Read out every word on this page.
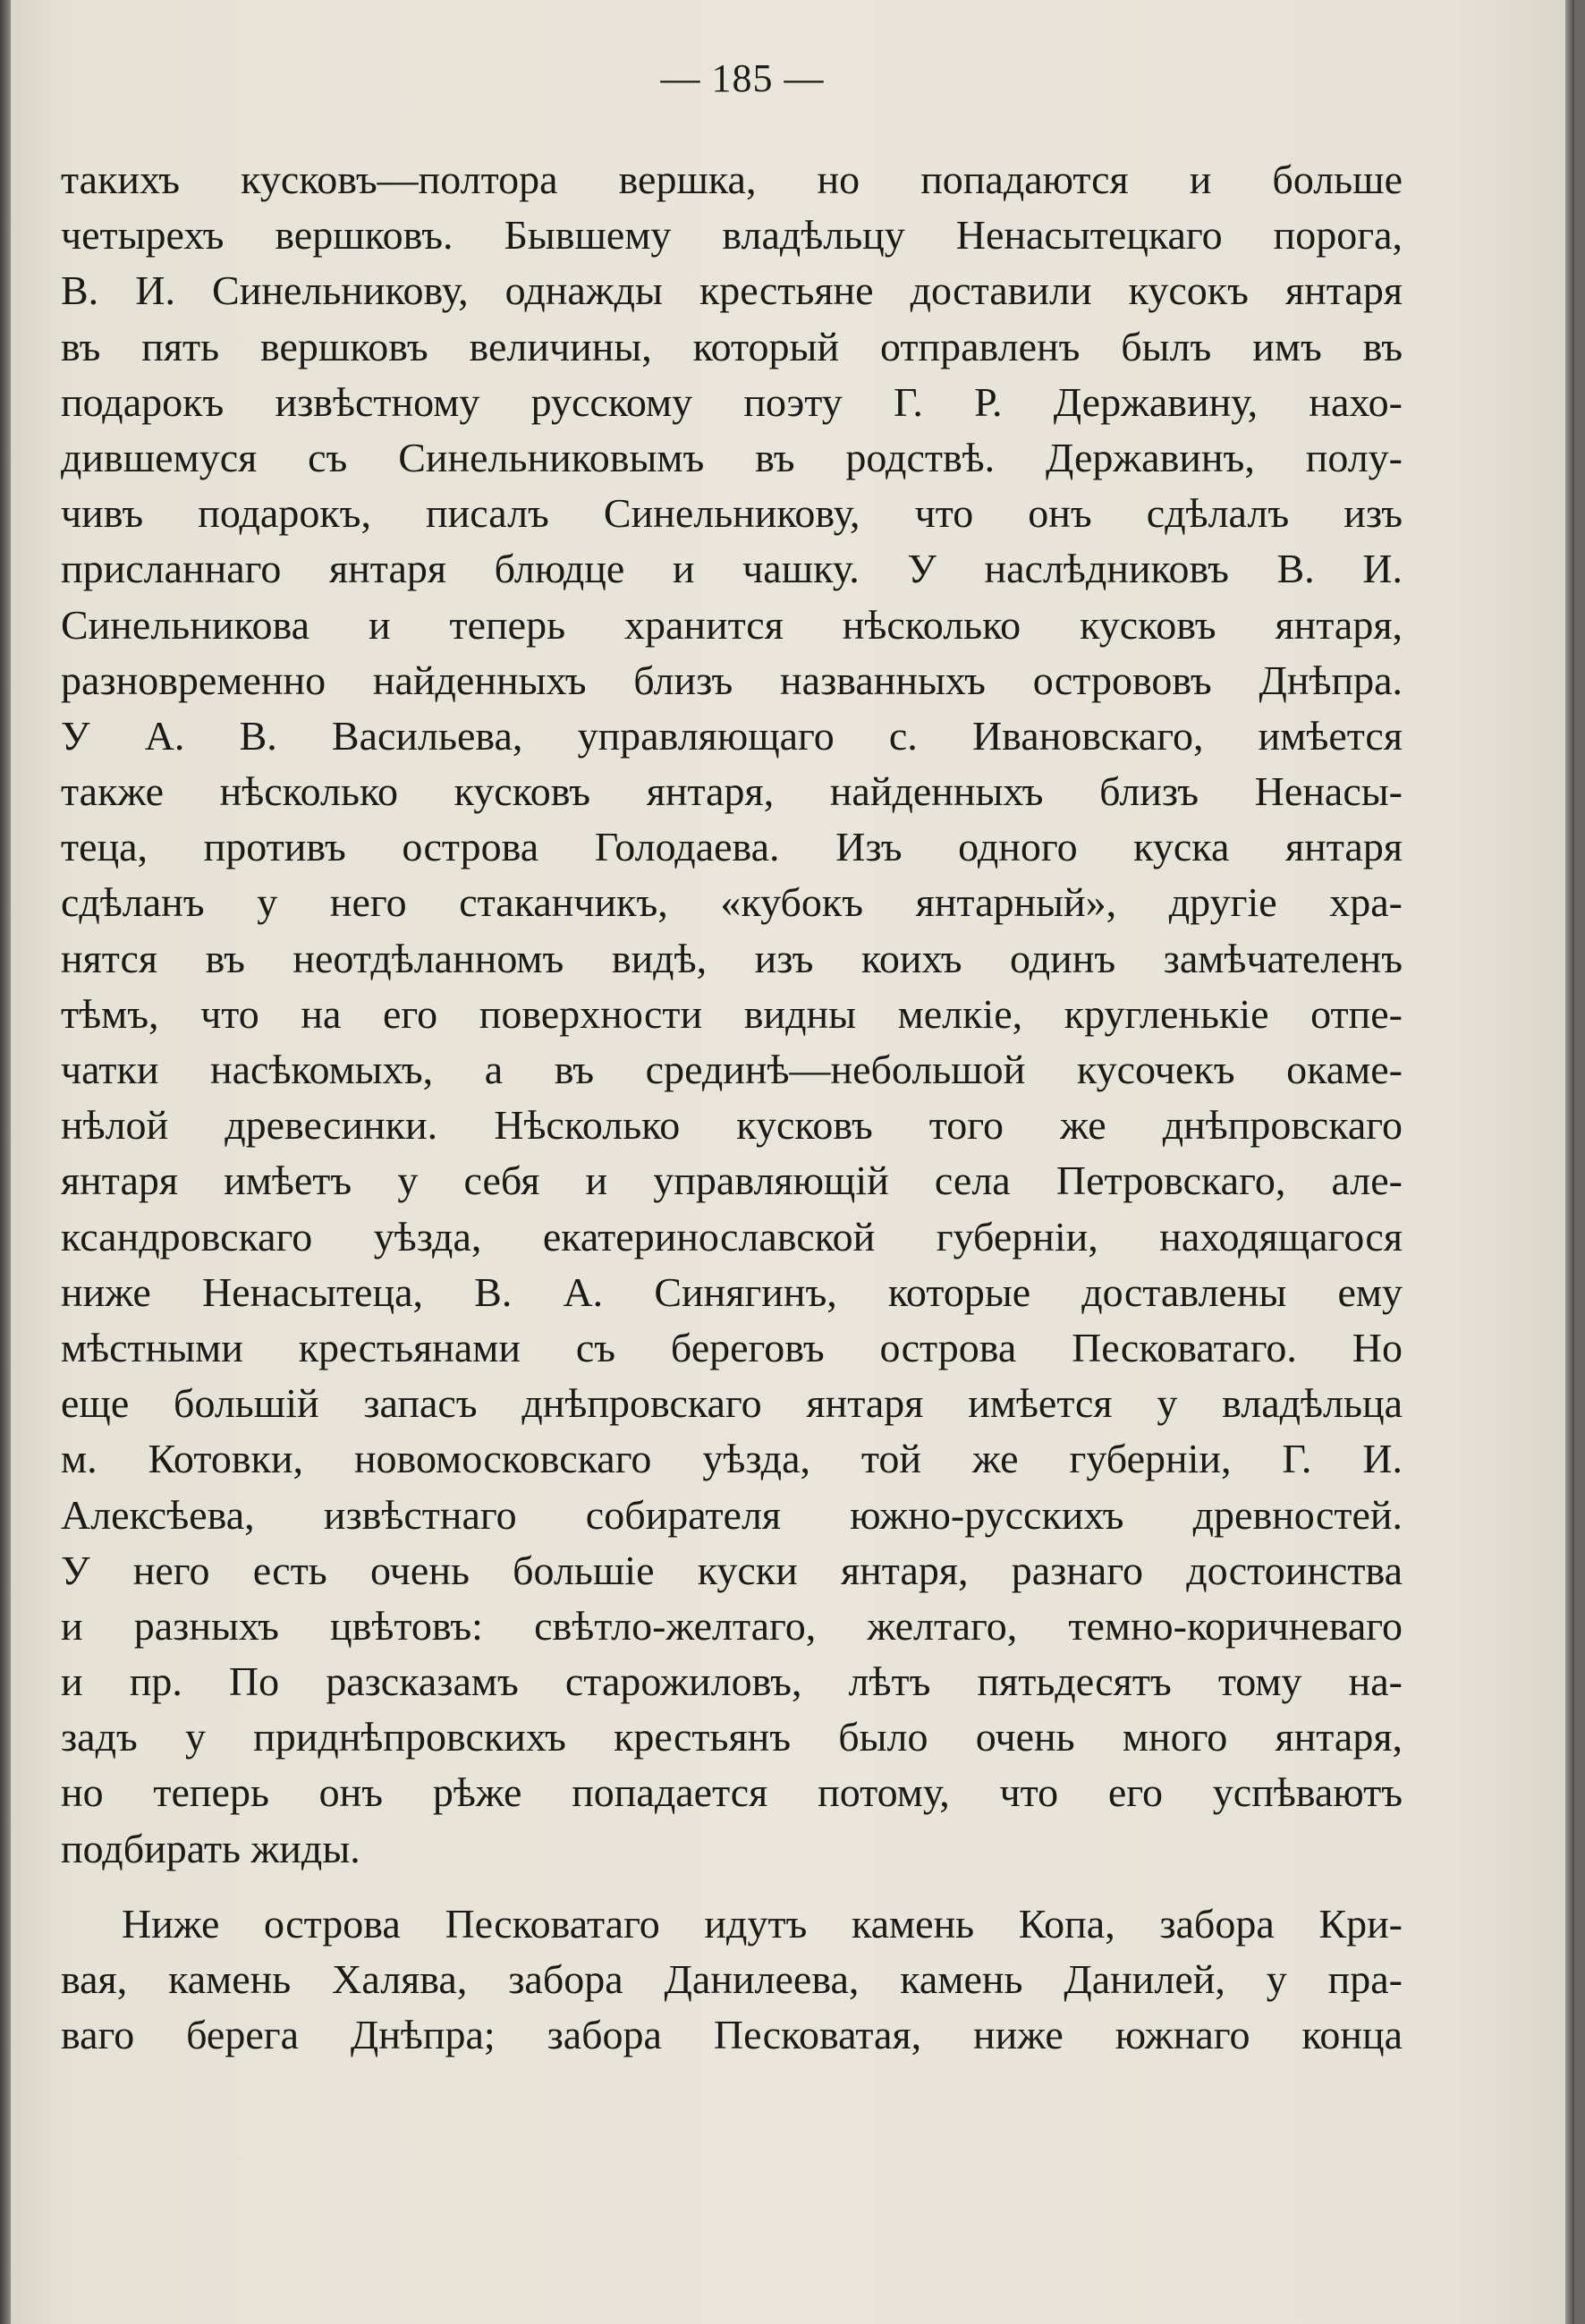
— 185 —
такихъ кусковъ—полтора вершка, но попадаются и больше
четырехъ вершковъ. Бывшему владѣльцу Ненасытецкаго порога,
В. И. Синельникову, однажды крестьяне доставили кусокъ янтаря
въ пять вершковъ величины, который отправленъ былъ имъ въ
подарокъ извѣстному русскому поэту Г. Р. Державину, нахо-
дившемуся съ Синельниковымъ въ родствѣ. Державинъ, полу-
чивъ подарокъ, писалъ Синельникову, что онъ сдѣлалъ изъ
присланнаго янтаря блюдце и чашку. У наслѣдниковъ В. И.
Синельникова и теперь хранится нѣсколько кусковъ янтаря,
разновременно найденныхъ близъ названныхъ острововъ Днѣпра.
У А. В. Васильева, управляющаго с. Ивановскаго, имѣется
также нѣсколько кусковъ янтаря, найденныхъ близъ Ненасы-
теца, противъ острова Голодаева. Изъ одного куска янтаря
сдѣланъ у него стаканчикъ, «кубокъ янтарный», другіе хра-
нятся въ неотдѣланномъ видѣ, изъ коихъ одинъ замѣчателенъ
тѣмъ, что на его поверхности видны мелкіе, кругленькіе отпе-
чатки насѣкомыхъ, а въ срединѣ—небольшой кусочекъ окаме-
нѣлой древесинки. Нѣсколько кусковъ того же днѣпровскаго
янтаря имѣетъ у себя и управляющій села Петровскаго, але-
ксандровскаго уѣзда, екатеринославской губерніи, находящагося
ниже Ненасытеца, В. А. Синягинъ, которые доставлены ему
мѣстными крестьянами съ береговъ острова Песковатаго. Но
еще большій запасъ днѣпровскаго янтаря имѣется у владѣльца
м. Котовки, новомосковскаго уѣзда, той же губерніи, Г. И.
Алексѣева, извѣстнаго собирателя южно-русскихъ древностей.
У него есть очень большіе куски янтаря, разнаго достоинства
и разныхъ цвѣтовъ: свѣтло-желтаго, желтаго, темно-коричневаго
и пр. По разсказамъ старожиловъ, лѣтъ пятьдесятъ тому на-
задъ у приднѣпровскихъ крестьянъ было очень много янтаря,
но теперь онъ рѣже попадается потому, что его успѣваютъ
подбирать жиды.
Ниже острова Песковатаго идутъ камень Копа, забора Кри-
вая, камень Халява, забора Данилеева, камень Данилей, у пра-
ваго берега Днѣпра; забора Песковатая, ниже южнаго конца
